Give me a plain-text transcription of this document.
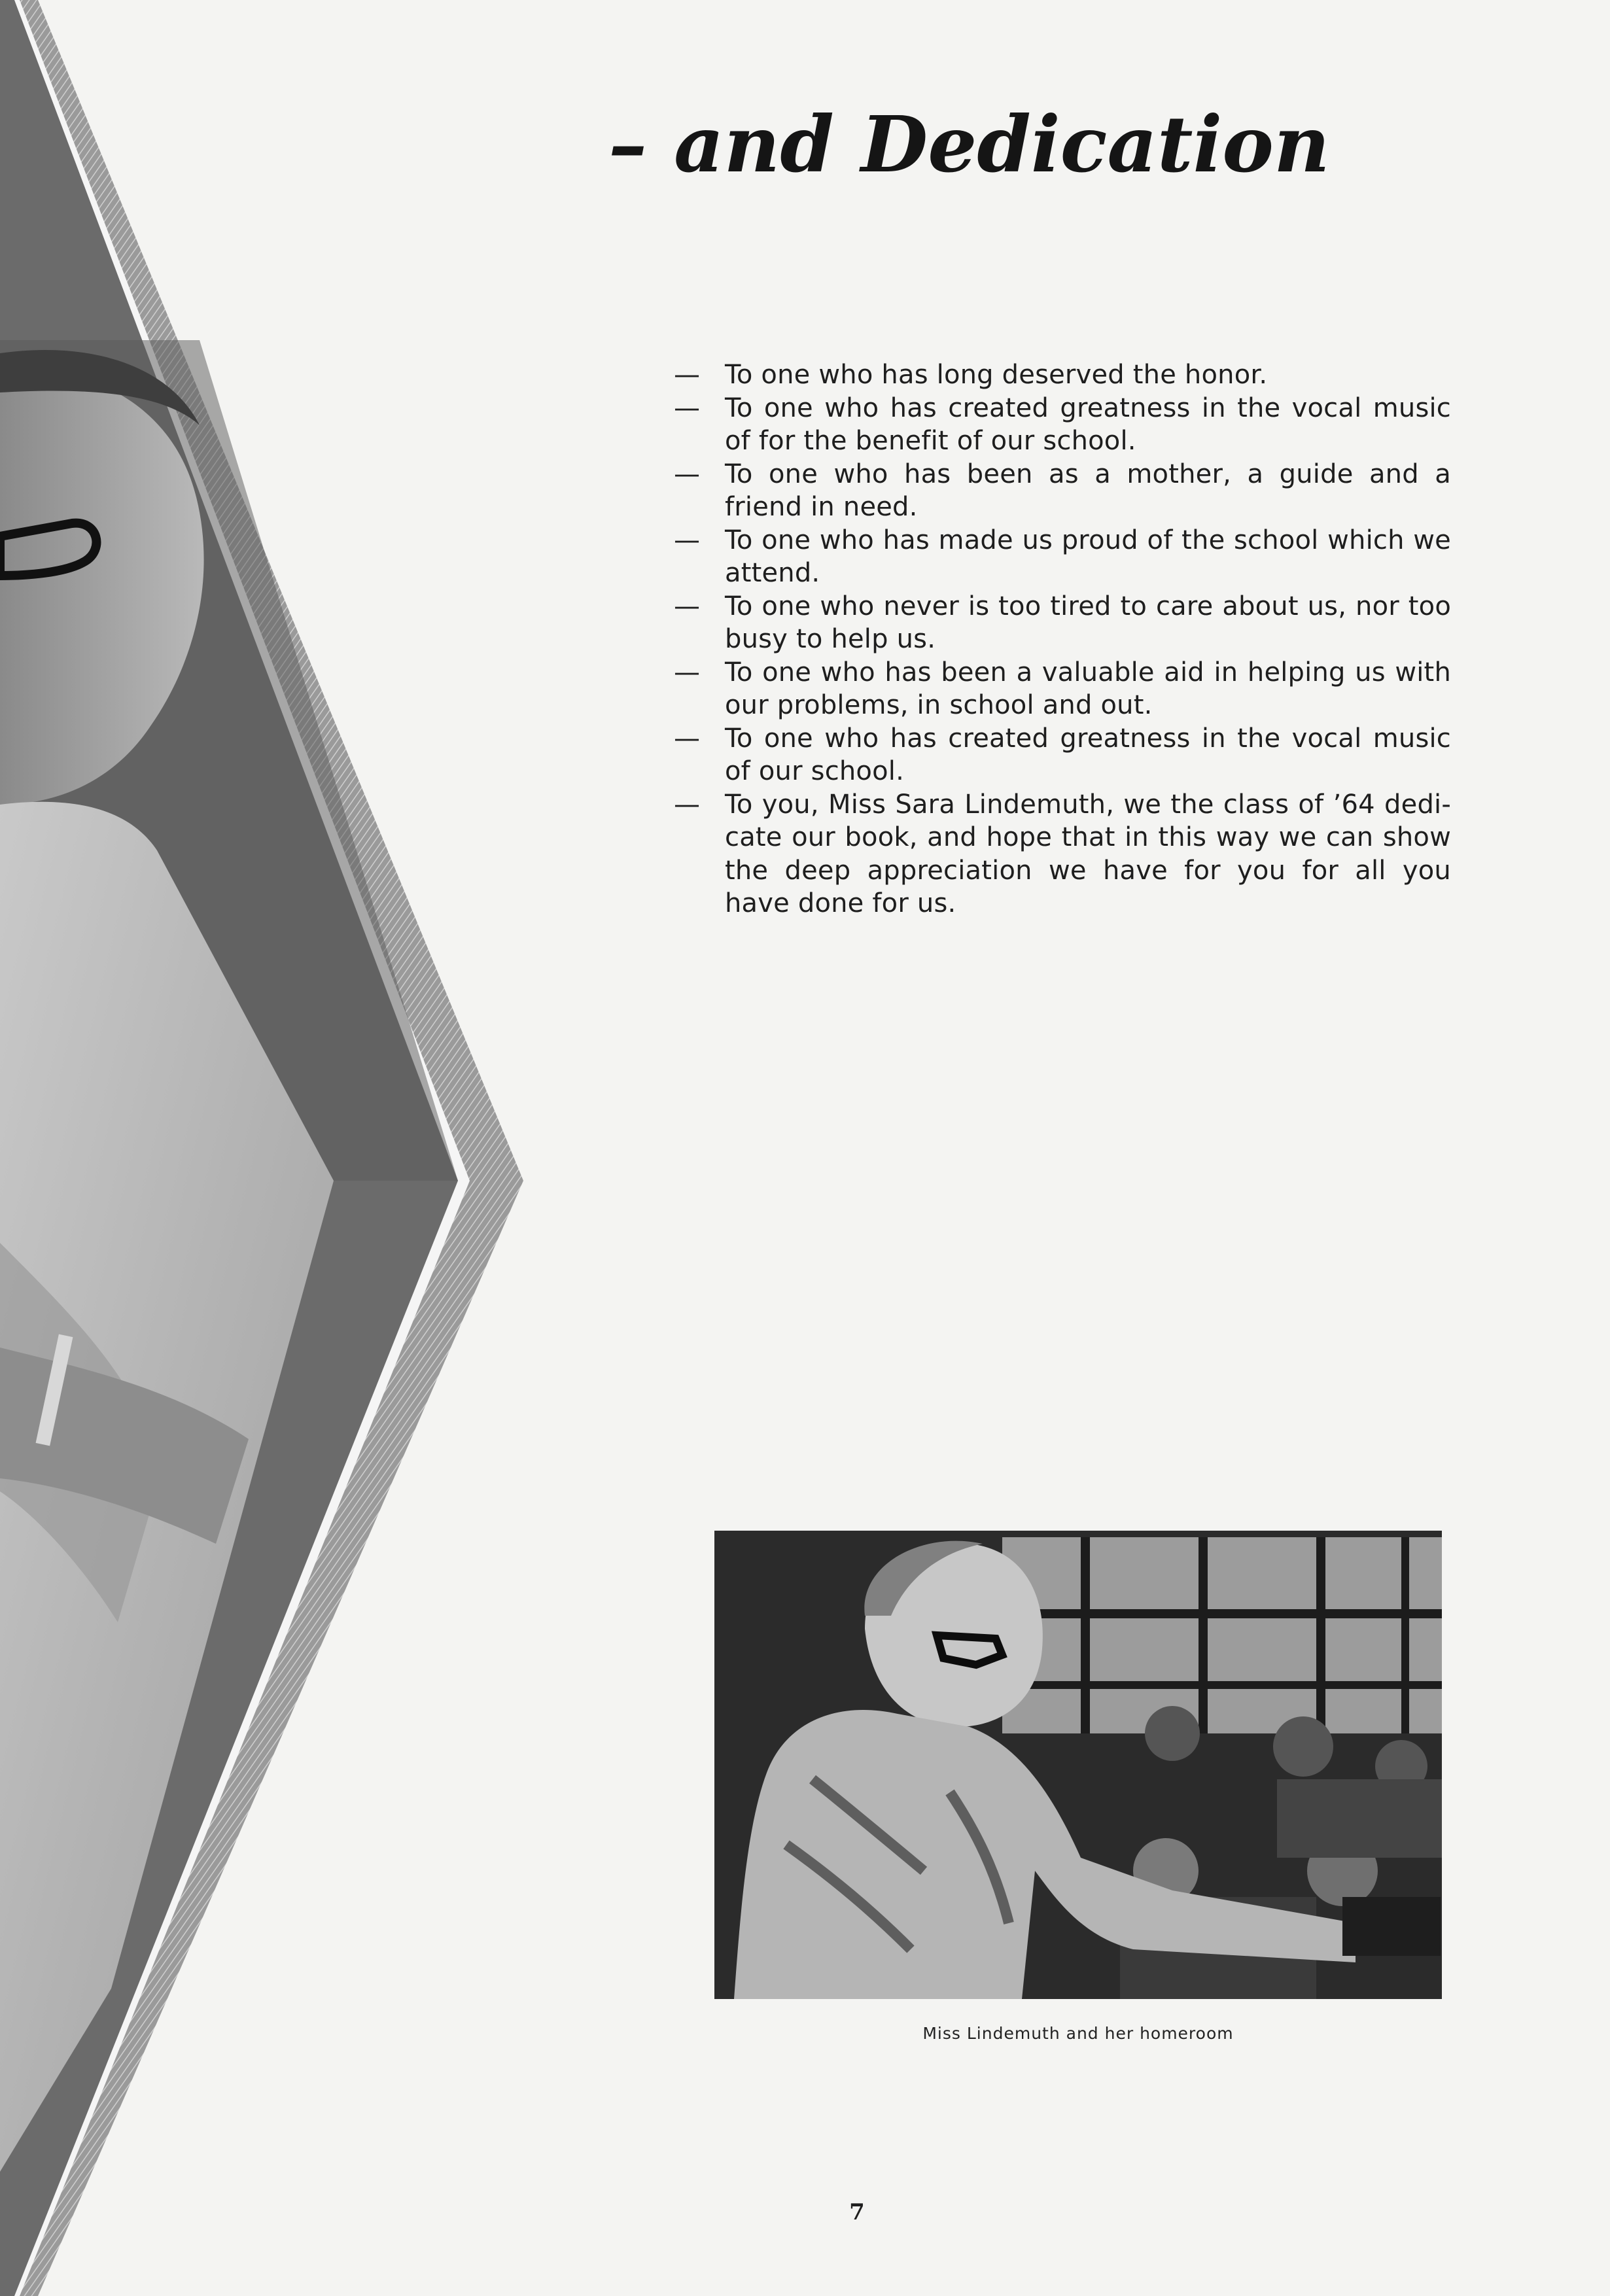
– and Dedication
— To one who has long deserved the honor.
— To one who has created greatness in the vocal music of for the benefit of our school.
— To one who has been as a mother, a guide and a friend in need.
— To one who has made us proud of the school which we attend.
— To one who never is too tired to care about us, nor too busy to help us.
— To one who has been a valuable aid in helping us with our problems, in school and out.
— To one who has created greatness in the vocal music of our school.
— To you, Miss Sara Lindemuth, we the class of ’64 dedi-cate our book, and hope that in this way we can show the deep appreciation we have for you for all you have done for us.
Miss Lindemuth and her homeroom
7
